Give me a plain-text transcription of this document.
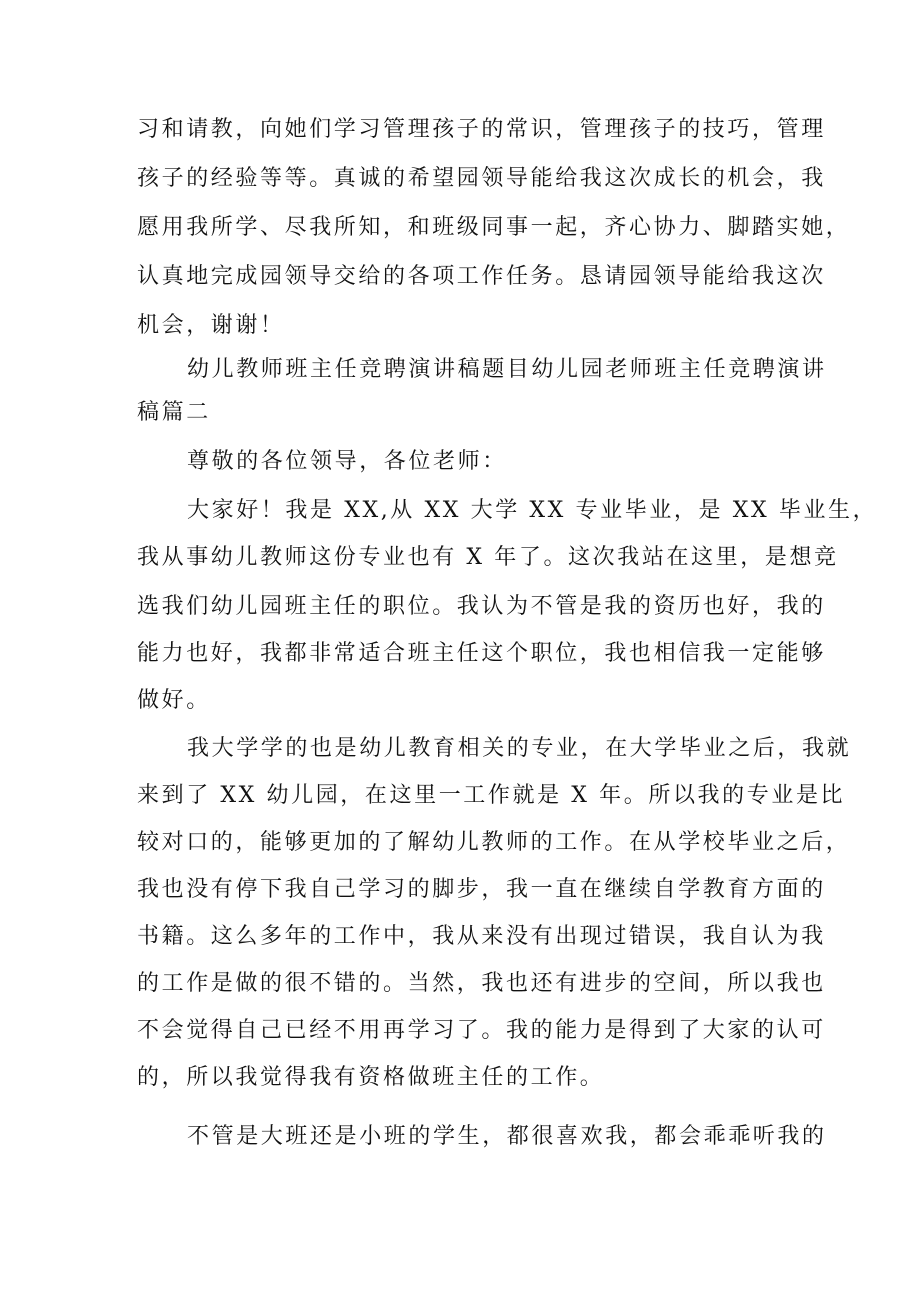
习和请教，向她们学习管理孩子的常识，管理孩子的技巧，管理
孩子的经验等等。真诚的希望园领导能给我这次成长的机会，我
愿用我所学、尽我所知，和班级同事一起，齐心协力、脚踏实她，
认真地完成园领导交给的各项工作任务。恳请园领导能给我这次
机会，谢谢！
幼儿教师班主任竞聘演讲稿题目幼儿园老师班主任竞聘演讲
稿篇二
尊敬的各位领导，各位老师：
大家好！我是 XX,从 XX 大学 XX 专业毕业，是 XX 毕业生，
我从事幼儿教师这份专业也有 X 年了。这次我站在这里，是想竞
选我们幼儿园班主任的职位。我认为不管是我的资历也好，我的
能力也好，我都非常适合班主任这个职位，我也相信我一定能够
做好。
我大学学的也是幼儿教育相关的专业，在大学毕业之后，我就
来到了 XX 幼儿园，在这里一工作就是 X 年。所以我的专业是比
较对口的，能够更加的了解幼儿教师的工作。在从学校毕业之后，
我也没有停下我自己学习的脚步，我一直在继续自学教育方面的
书籍。这么多年的工作中，我从来没有出现过错误，我自认为我
的工作是做的很不错的。当然，我也还有进步的空间，所以我也
不会觉得自己已经不用再学习了。我的能力是得到了大家的认可
的，所以我觉得我有资格做班主任的工作。
不管是大班还是小班的学生，都很喜欢我，都会乖乖听我的
